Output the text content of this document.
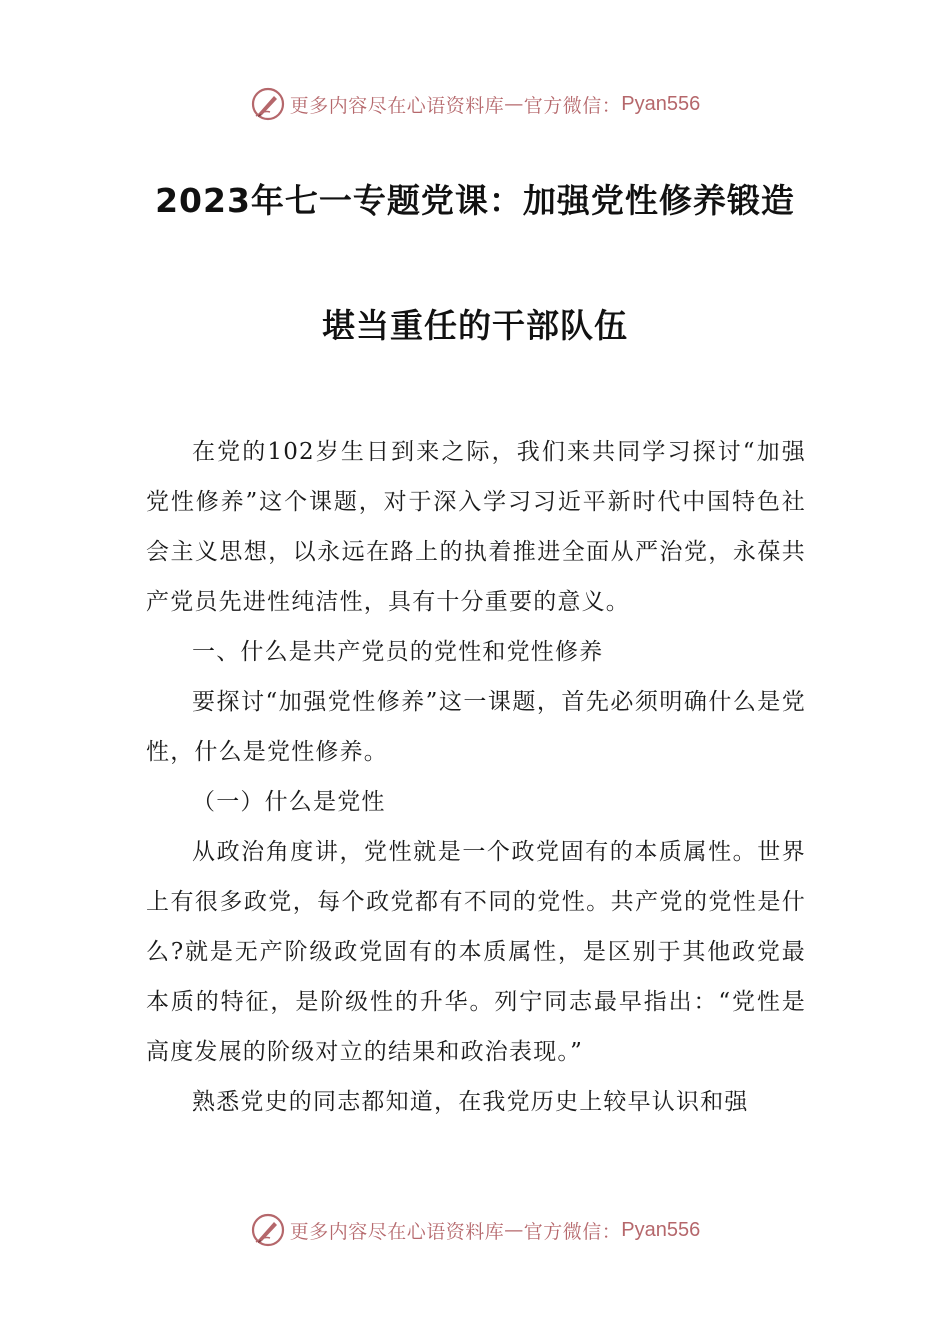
更多内容尽在心语资料库 — 官方微信： Pyan556
2023年七一专题党课：加强党性修养锻造
堪当重任的干部队伍

在党的102岁生日到来之际，我们来共同学习探讨“加强党性修养”这个课题，对于深入学习习近平新时代中国特色社会主义思想，以永远在路上的执着推进全面从严治党，永葆共产党员先进性纯洁性，具有十分重要的意义。

一、什么是共产党员的党性和党性修养

要探讨“加强党性修养”这一课题，首先必须明确什么是党性，什么是党性修养。

（一）什么是党性

从政治角度讲，党性就是一个政党固有的本质属性。世界上有很多政党，每个政党都有不同的党性。共产党的党性是什么?就是无产阶级政党固有的本质属性，是区别于其他政党最本质的特征，是阶级性的升华。列宁同志最早指出：“党性是高度发展的阶级对立的结果和政治表现。”

熟悉党史的同志都知道，在我党历史上较早认识和强

更多内容尽在心语资料库 — 官方微信： Pyan556
